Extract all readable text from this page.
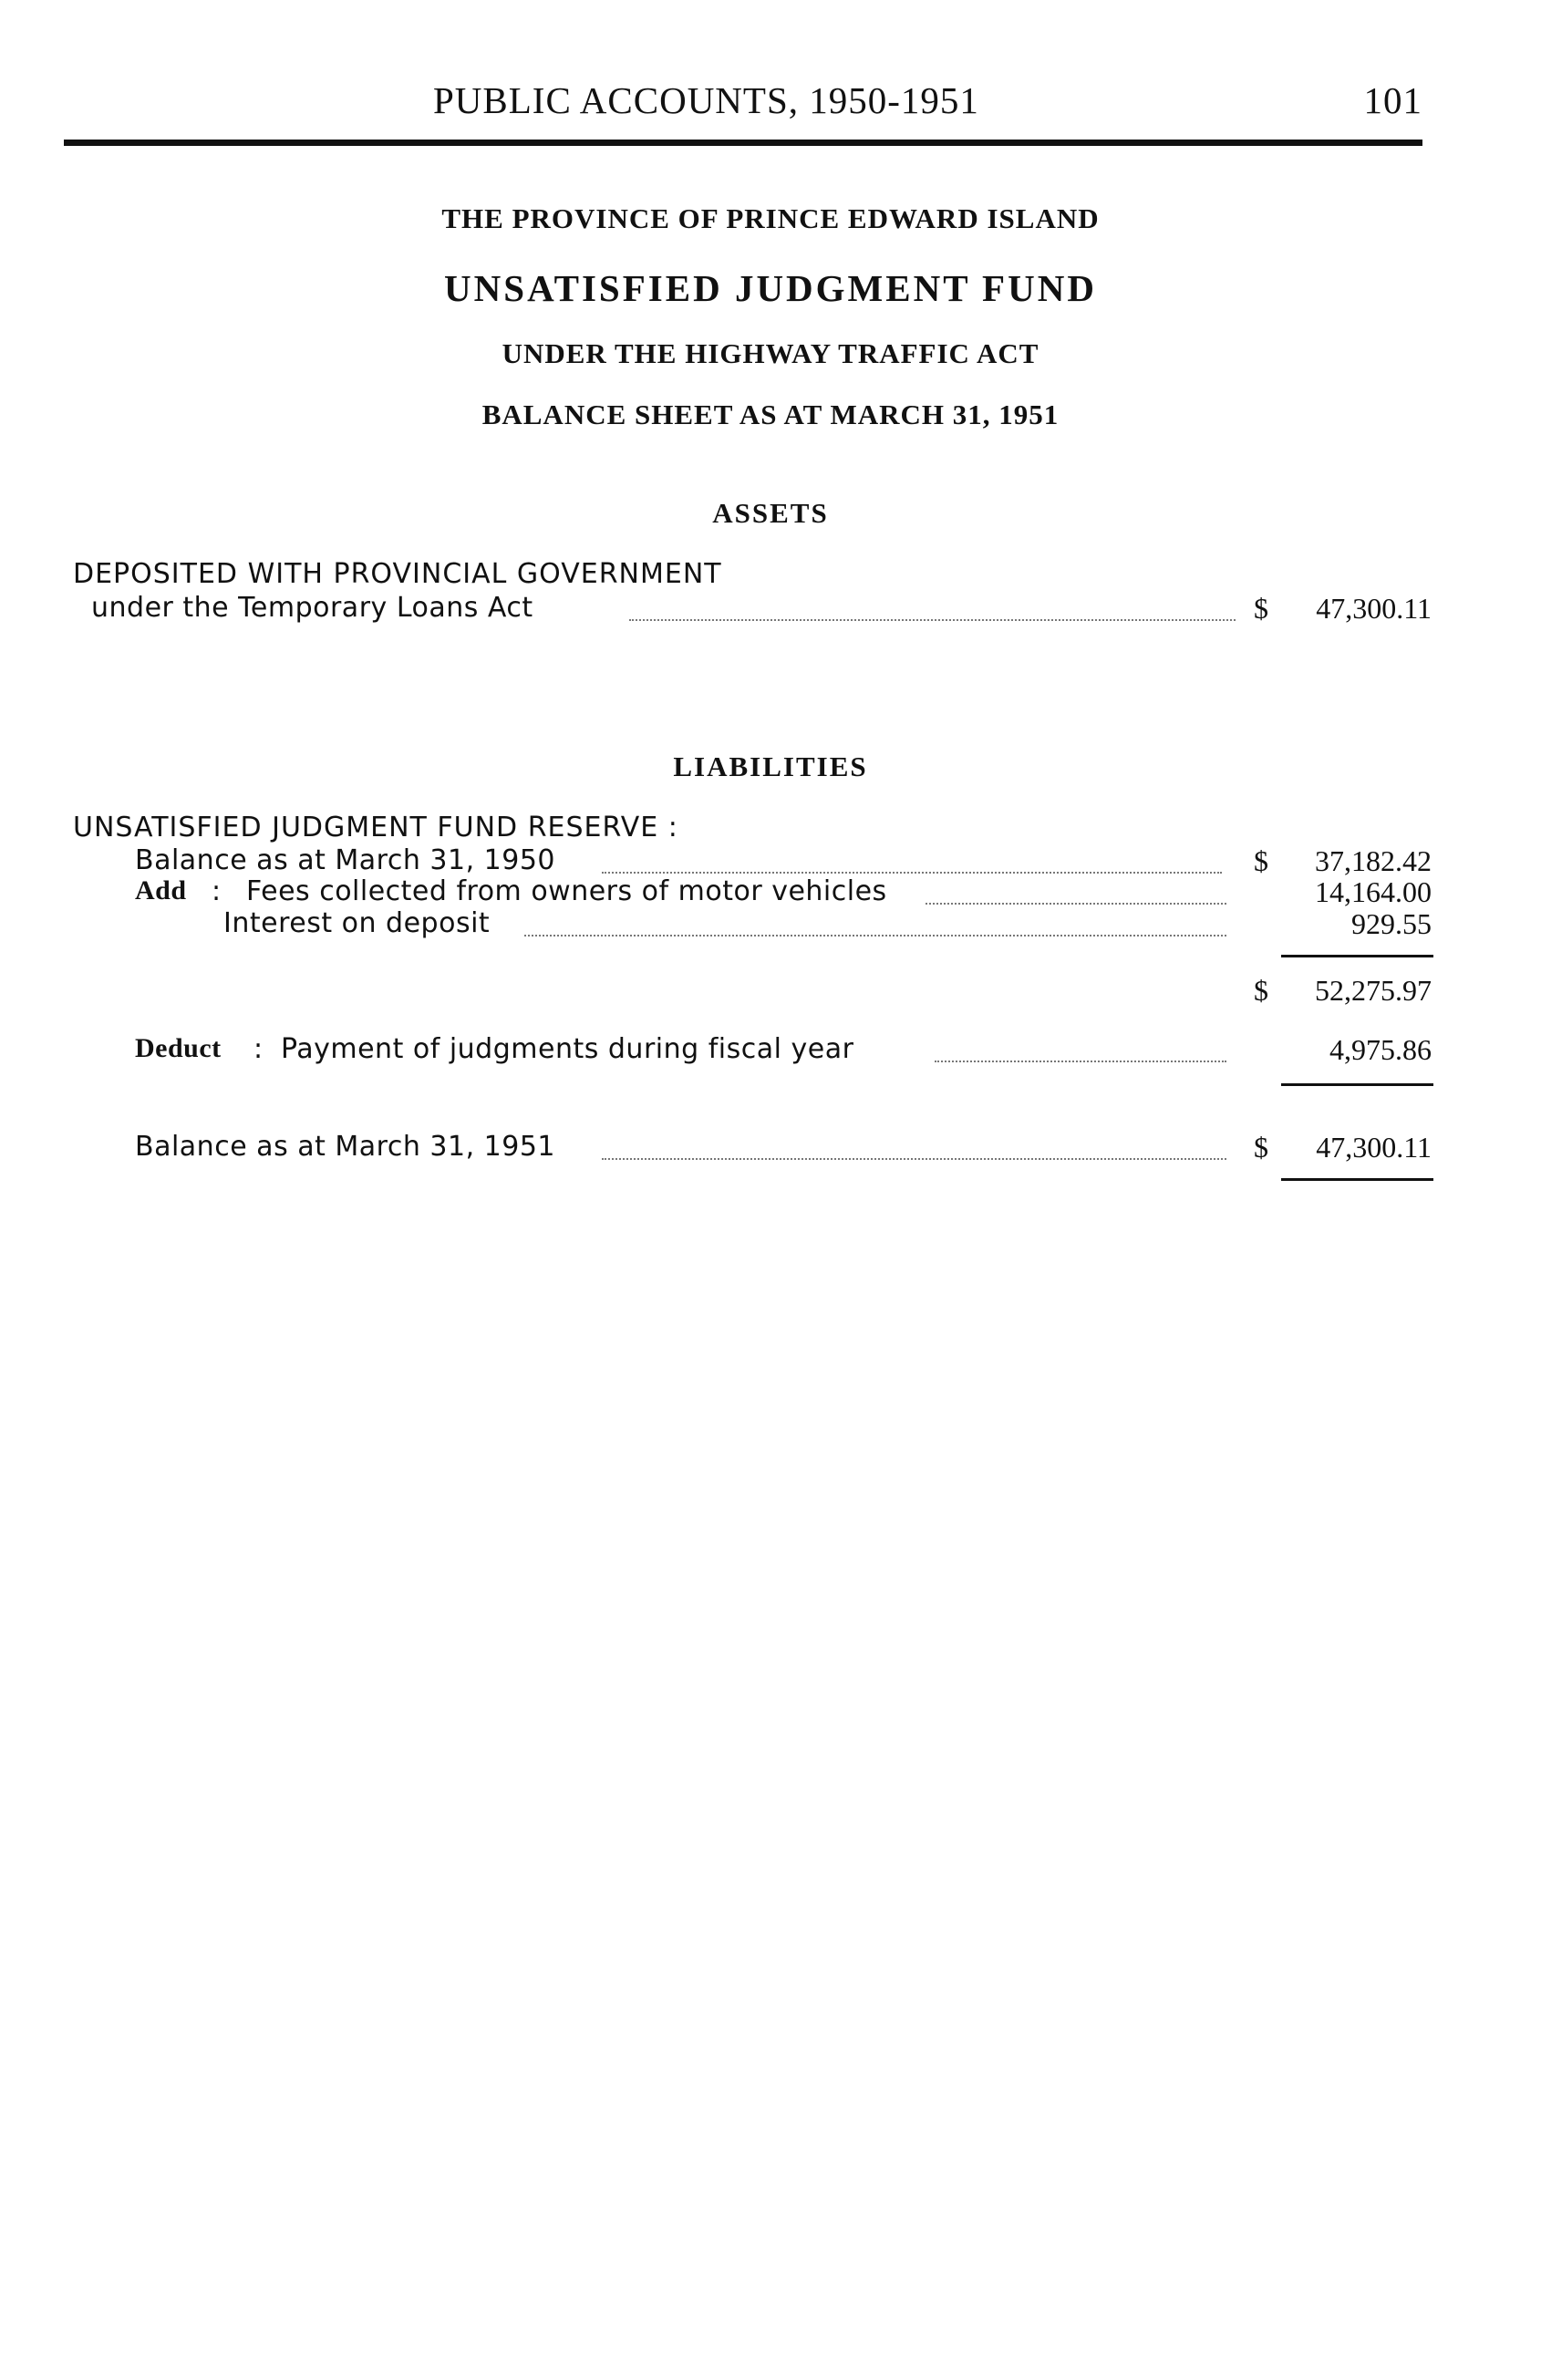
PUBLIC ACCOUNTS, 1950-1951	101
THE PROVINCE OF PRINCE EDWARD ISLAND
UNSATISFIED JUDGMENT FUND
UNDER THE HIGHWAY TRAFFIC ACT
BALANCE SHEET AS AT MARCH 31, 1951
ASSETS
DEPOSITED WITH PROVINCIAL GOVERNMENT
under the Temporary Loans Act	$ 47,300.11
LIABILITIES
UNSATISFIED JUDGMENT FUND RESERVE :
Balance as at March 31, 1950	$ 37,182.42
Add : Fees collected from owners of motor vehicles	14,164.00
Interest on deposit	929.55
$ 52,275.97
Deduct : Payment of judgments during fiscal year	4,975.86
Balance as at March 31, 1951	$ 47,300.11
